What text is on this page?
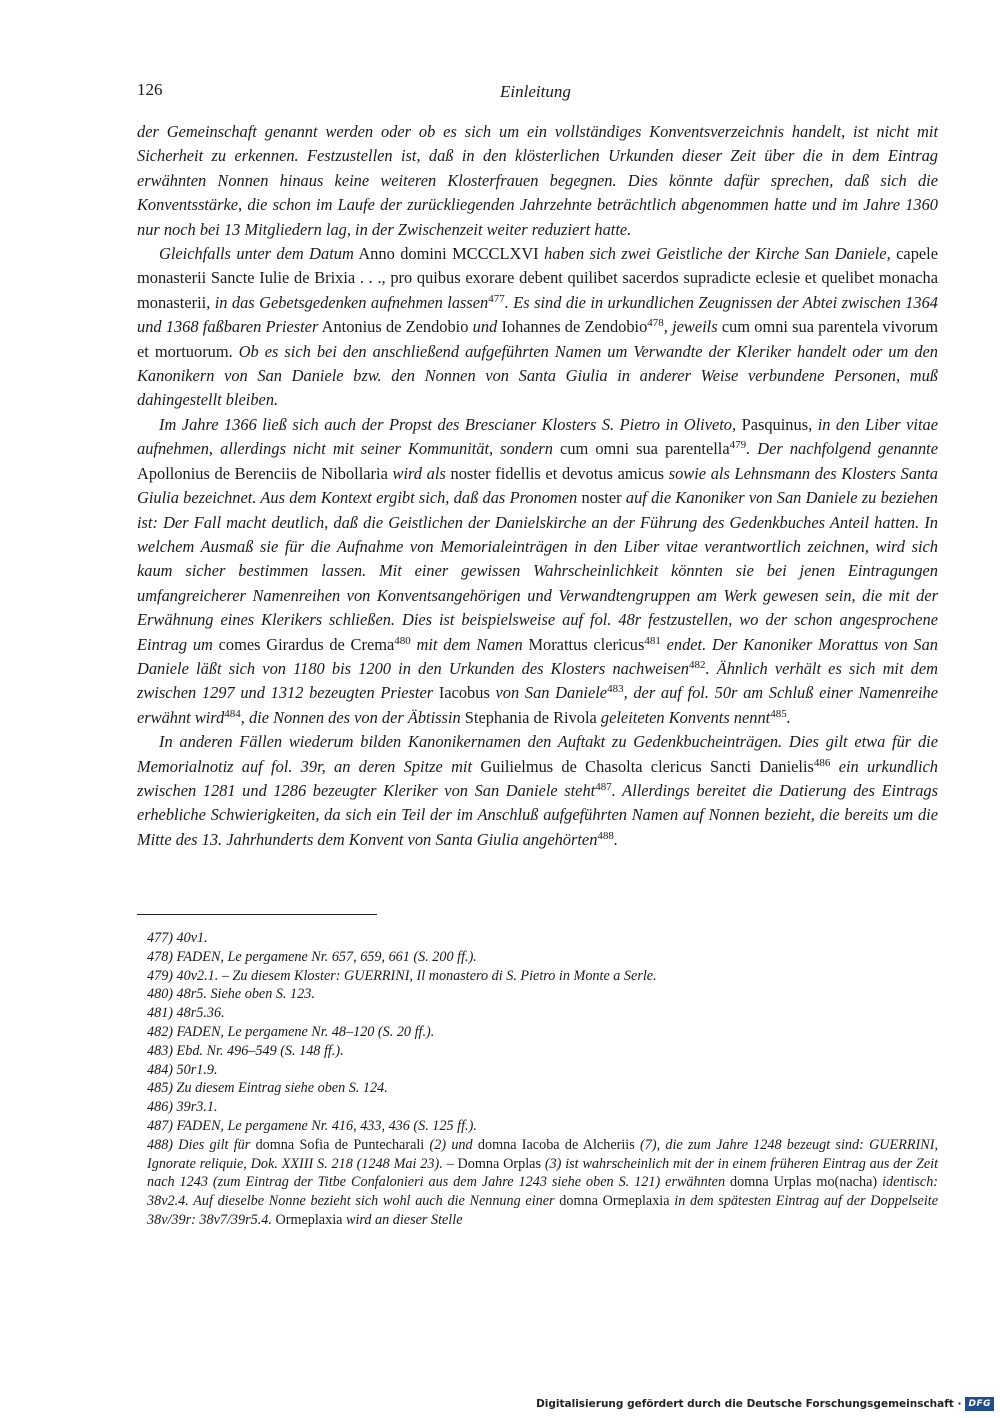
126	Einleitung

der Gemeinschaft genannt werden oder ob es sich um ein vollständiges Konventsverzeichnis handelt, ist nicht mit Sicherheit zu erkennen. Festzustellen ist, daß in den klösterlichen Urkunden dieser Zeit über die in dem Eintrag erwähnten Nonnen hinaus keine weiteren Klosterfrauen begegnen. Dies könnte dafür sprechen, daß sich die Konventsstärke, die schon im Laufe der zurückliegenden Jahrzehnte beträchtlich abgenommen hatte und im Jahre 1360 nur noch bei 13 Mitgliedern lag, in der Zwischenzeit weiter reduziert hatte.

Gleichfalls unter dem Datum Anno domini MCCCLXVI haben sich zwei Geistliche der Kirche San Daniele, capele monasterii Sancte Iulie de Brixia . . ., pro quibus exorare debent quilibet sacerdos supradicte eclesie et quelibet monacha monasterii, in das Gebetsgedenken aufnehmen lassen$^{477}$. Es sind die in urkundlichen Zeugnissen der Abtei zwischen 1364 und 1368 faßbaren Priester Antonius de Zendobio und Iohannes de Zendobio$^{478}$, jeweils cum omni sua parentela vivorum et mortuorum. Ob es sich bei den anschließend aufgeführten Namen um Verwandte der Kleriker handelt oder um den Kanonikern von San Daniele bzw. den Nonnen von Santa Giulia in anderer Weise verbundene Personen, muß dahingestellt bleiben.

Im Jahre 1366 ließ sich auch der Propst des Brescianer Klosters S. Pietro in Oliveto, Pasquinus, in den Liber vitae aufnehmen, allerdings nicht mit seiner Kommunität, sondern cum omni sua parentella$^{479}$. Der nachfolgend genannte Apollonius de Berenciis de Nibollaria wird als noster fidellis et devotus amicus sowie als Lehnsmann des Klosters Santa Giulia bezeichnet. Aus dem Kontext ergibt sich, daß das Pronomen noster auf die Kanoniker von San Daniele zu beziehen ist: Der Fall macht deutlich, daß die Geistlichen der Danielskirche an der Führung des Gedenkbuches Anteil hatten. In welchem Ausmaß sie für die Aufnahme von Memorialeinträgen in den Liber vitae verantwortlich zeichnen, wird sich kaum sicher bestimmen lassen. Mit einer gewissen Wahrscheinlichkeit könnten sie bei jenen Eintragungen umfangreicherer Namenreihen von Konventsangehörigen und Verwandtengruppen am Werk gewesen sein, die mit der Erwähnung eines Klerikers schließen. Dies ist beispielsweise auf fol. 48r festzustellen, wo der schon angesprochene Eintrag um comes Girardus de Crema$^{480}$ mit dem Namen Morattus clericus$^{481}$ endet. Der Kanoniker Morattus von San Daniele läßt sich von 1180 bis 1200 in den Urkunden des Klosters nachweisen$^{482}$. Ähnlich verhält es sich mit dem zwischen 1297 und 1312 bezeugten Priester Iacobus von San Daniele$^{483}$, der auf fol. 50r am Schluß einer Namenreihe erwähnt wird$^{484}$, die Nonnen des von der Äbtissin Stephania de Rivola geleiteten Konvents nennt$^{485}$.

In anderen Fällen wiederum bilden Kanonikernamen den Auftakt zu Gedenkbucheinträgen. Dies gilt etwa für die Memorialnotiz auf fol. 39r, an deren Spitze mit Guilielmus de Chasolta clericus Sancti Danielis$^{486}$ ein urkundlich zwischen 1281 und 1286 bezeugter Kleriker von San Daniele steht$^{487}$. Allerdings bereitet die Datierung des Eintrags erhebliche Schwierigkeiten, da sich ein Teil der im Anschluß aufgeführten Namen auf Nonnen bezieht, die bereits um die Mitte des 13. Jahrhunderts dem Konvent von Santa Giulia angehörten$^{488}$.

477) 40v1.
478) FADEN, Le pergamene Nr. 657, 659, 661 (S. 200 ff.).
479) 40v2.1. – Zu diesem Kloster: GUERRINI, Il monastero di S. Pietro in Monte a Serle.
480) 48r5. Siehe oben S. 123.
481) 48r5.36.
482) FADEN, Le pergamene Nr. 48–120 (S. 20 ff.).
483) Ebd. Nr. 496–549 (S. 148 ff.).
484) 50r1.9.
485) Zu diesem Eintrag siehe oben S. 124.
486) 39r3.1.
487) FADEN, Le pergamene Nr. 416, 433, 436 (S. 125 ff.).
488) Dies gilt für domna Sofia de Puntecharali (2) und domna Iacoba de Alcheriis (7), die zum Jahre 1248 bezeugt sind: GUERRINI, Ignorate reliquie, Dok. XXIII S. 218 (1248 Mai 23). – Domna Orplas (3) ist wahrscheinlich mit der in einem früheren Eintrag aus der Zeit nach 1243 (zum Eintrag der Titbe Confalonieri aus dem Jahre 1243 siehe oben S. 121) erwähnten domna Urplas mo(nacha) identisch: 38v2.4. Auf dieselbe Nonne bezieht sich wohl auch die Nennung einer domna Ormeplaxia in dem spätesten Eintrag auf der Doppelseite 38v/39r: 38v7/39r5.4. Ormeplaxia wird an dieser Stelle
Digitalisierung gefördert durch die Deutsche Forschungsgemeinschaft · DFG
